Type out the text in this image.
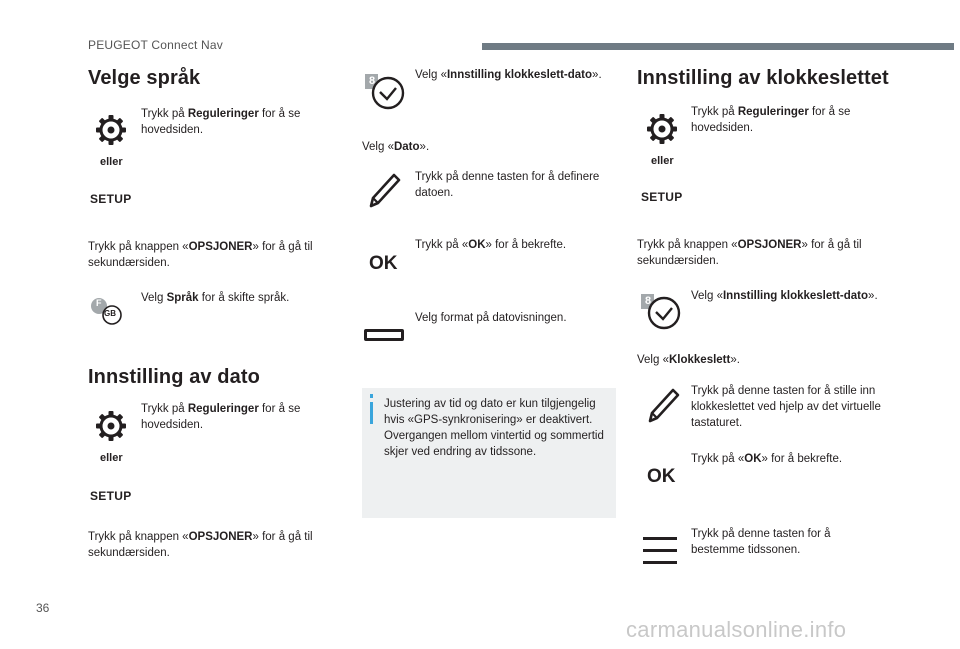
PEUGEOT Connect Nav
Velge språk
Trykk på Reguleringer for å se hovedsiden.
eller
SETUP
Trykk på knappen «OPSJONER» for å gå til sekundærsiden.
F
GB
Velg Språk for å skifte språk.
Innstilling av dato
Trykk på Reguleringer for å se hovedsiden.
eller
SETUP
Trykk på knappen «OPSJONER» for å gå til sekundærsiden.
8	Velg «Innstilling klokkeslett-dato».
Velg «Dato».
Trykk på denne tasten for å definere datoen.
OK
Trykk på «OK» for å bekrefte.
Velg format på datovisningen.
Justering av tid og dato er kun tilgjengelig hvis «GPS-synkronisering» er deaktivert. Overgangen mellom vintertid og sommertid skjer ved endring av tidssone.
Innstilling av klokkeslettet
Trykk på Reguleringer for å se hovedsiden.
eller
SETUP
Trykk på knappen «OPSJONER» for å gå til sekundærsiden.
8	Velg «Innstilling klokkeslett-dato».
Velg «Klokkeslett».
Trykk på denne tasten for å stille inn klokkeslettet ved hjelp av det virtuelle tastaturet.
OK
Trykk på «OK» for å bekrefte.
Trykk på denne tasten for å bestemme tidssonen.
36
carmanualsonline.info
